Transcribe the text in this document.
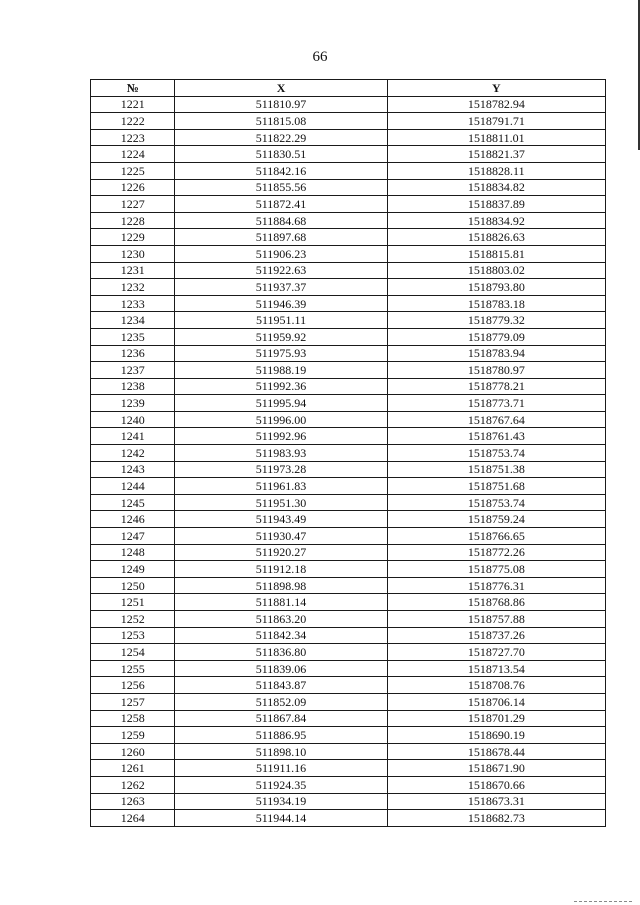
66
№	X	Y
1221	511810.97	1518782.94
1222	511815.08	1518791.71
1223	511822.29	1518811.01
1224	511830.51	1518821.37
1225	511842.16	1518828.11
1226	511855.56	1518834.82
1227	511872.41	1518837.89
1228	511884.68	1518834.92
1229	511897.68	1518826.63
1230	511906.23	1518815.81
1231	511922.63	1518803.02
1232	511937.37	1518793.80
1233	511946.39	1518783.18
1234	511951.11	1518779.32
1235	511959.92	1518779.09
1236	511975.93	1518783.94
1237	511988.19	1518780.97
1238	511992.36	1518778.21
1239	511995.94	1518773.71
1240	511996.00	1518767.64
1241	511992.96	1518761.43
1242	511983.93	1518753.74
1243	511973.28	1518751.38
1244	511961.83	1518751.68
1245	511951.30	1518753.74
1246	511943.49	1518759.24
1247	511930.47	1518766.65
1248	511920.27	1518772.26
1249	511912.18	1518775.08
1250	511898.98	1518776.31
1251	511881.14	1518768.86
1252	511863.20	1518757.88
1253	511842.34	1518737.26
1254	511836.80	1518727.70
1255	511839.06	1518713.54
1256	511843.87	1518708.76
1257	511852.09	1518706.14
1258	511867.84	1518701.29
1259	511886.95	1518690.19
1260	511898.10	1518678.44
1261	511911.16	1518671.90
1262	511924.35	1518670.66
1263	511934.19	1518673.31
1264	511944.14	1518682.73
